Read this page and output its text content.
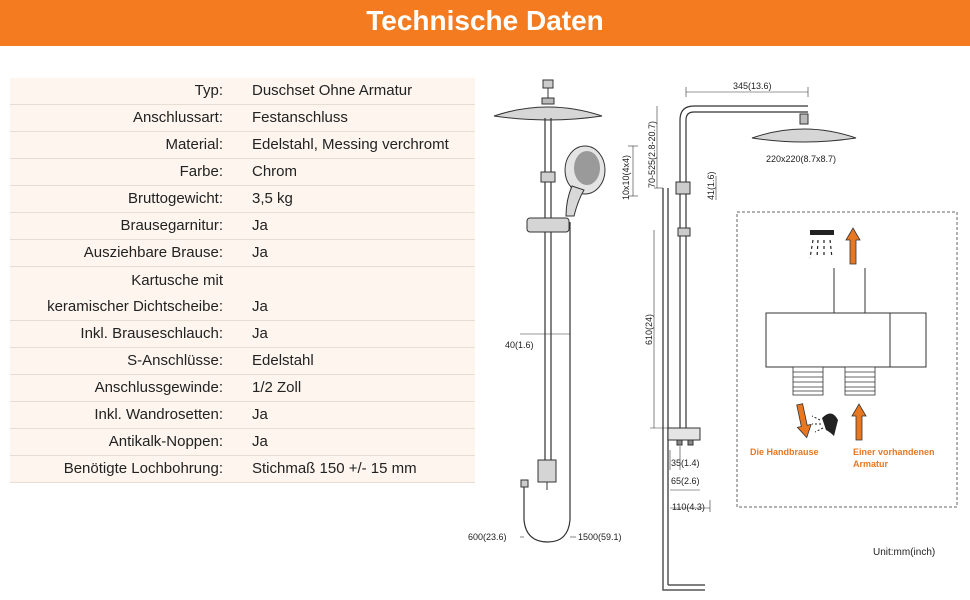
Technische Daten
Typ:	Duschset Ohne Armatur
Anschlussart:	Festanschluss
Material:	Edelstahl, Messing verchromt
Farbe:	Chrom
Bruttogewicht:	3,5 kg
Brausegarnitur:	Ja
Ausziehbare Brause:	Ja
Kartusche mit
keramischer Dichtscheibe: Ja
Inkl. Brauseschlauch:	Ja
S-Anschlüsse:	Edelstahl
Anschlussgewinde:	1/2 Zoll
Inkl. Wandrosetten:	Ja
Antikalk-Noppen:	Ja
Benötigte Lochbohrung:	Stichmaß 150 +/- 15 mm
10x10(4x4)
40(1.6)
600(23.6)	1500(59.1)
345(13.6)
220x220(8.7x8.7)
70-525(2.8-20.7)	41(1.6)
610(24)
35(1.4)
65(2.6)
110(4.3)
Die Handbrause	Einer vorhandenen
Armatur
Unit:mm(inch)
